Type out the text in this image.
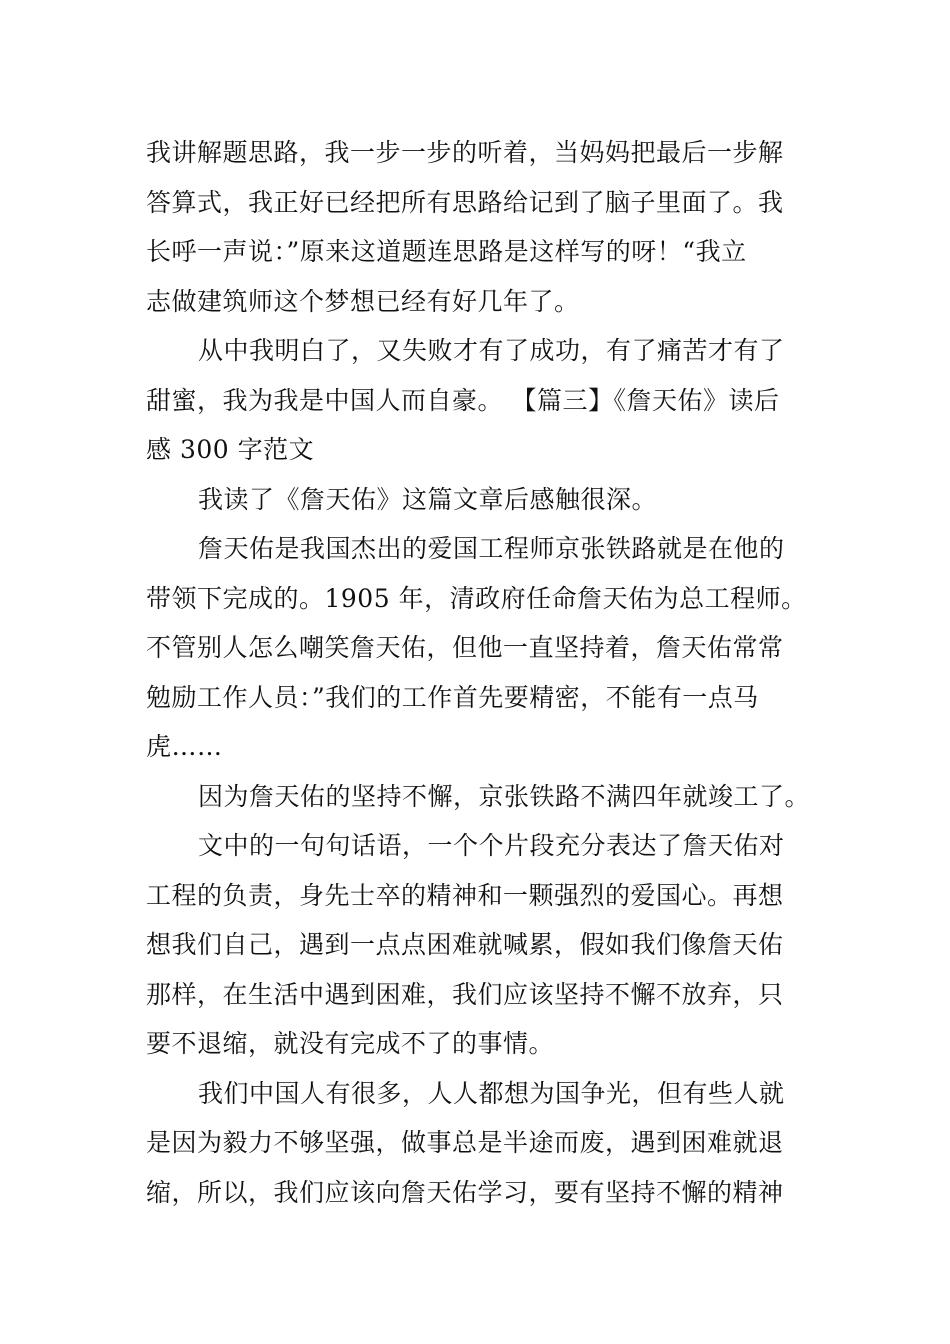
我讲解题思路，我一步一步的听着，当妈妈把最后一步解
答算式，我正好已经把所有思路给记到了脑子里面了。我
长呼一声说：”原来这道题连思路是这样写的呀！“我立
志做建筑师这个梦想已经有好几年了。
从中我明白了，又失败才有了成功，有了痛苦才有了
甜蜜，我为我是中国人而自豪。 【篇三】《詹天佑》读后
感 300 字范文
我读了《詹天佑》这篇文章后感触很深。
詹天佑是我国杰出的爱国工程师京张铁路就是在他的
带领下完成的。1905 年，清政府任命詹天佑为总工程师。
不管别人怎么嘲笑詹天佑，但他一直坚持着，詹天佑常常
勉励工作人员：”我们的工作首先要精密，不能有一点马
虎……
因为詹天佑的坚持不懈，京张铁路不满四年就竣工了。
文中的一句句话语，一个个片段充分表达了詹天佑对
工程的负责，身先士卒的精神和一颗强烈的爱国心。再想
想我们自己，遇到一点点困难就喊累，假如我们像詹天佑
那样，在生活中遇到困难，我们应该坚持不懈不放弃，只
要不退缩，就没有完成不了的事情。
我们中国人有很多，人人都想为国争光，但有些人就
是因为毅力不够坚强，做事总是半途而废，遇到困难就退
缩，所以，我们应该向詹天佑学习，要有坚持不懈的精神
